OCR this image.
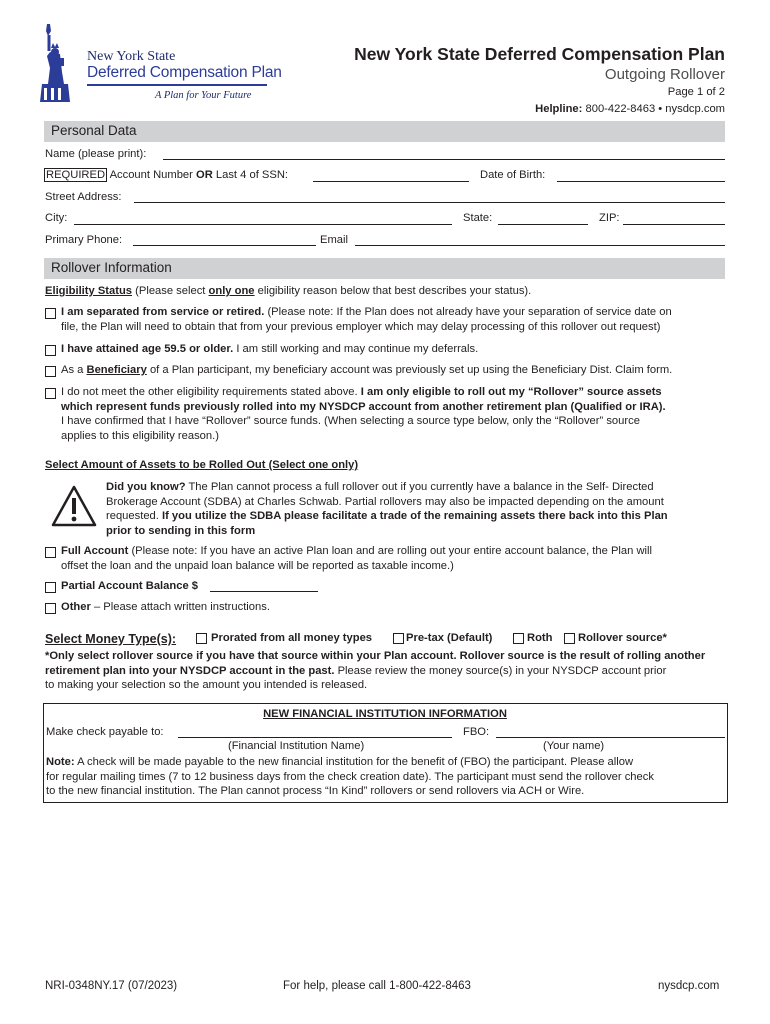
New York State
Deferred Compensation Plan
A Plan for Your Future
New York State Deferred Compensation Plan
Outgoing Rollover
Page 1 of 2
Helpline: 800-422-8463 • nysdcp.com
Personal Data
Name (please print):
REQUIRED Account Number OR Last 4 of SSN:	Date of Birth:
Street Address:
City:	State:	ZIP:
Primary Phone:	Email
Rollover Information
Eligibility Status (Please select only one eligibility reason below that best describes your status).
I am separated from service or retired. (Please note: If the Plan does not already have your separation of service date on
file, the Plan will need to obtain that from your previous employer which may delay processing of this rollover out request)
I have attained age 59.5 or older. I am still working and may continue my deferrals.
As a Beneficiary of a Plan participant, my beneficiary account was previously set up using the Beneficiary Dist. Claim form.
I do not meet the other eligibility requirements stated above. I am only eligible to roll out my “Rollover” source assets
which represent funds previously rolled into my NYSDCP account from another retirement plan (Qualified or IRA).
I have confirmed that I have “Rollover” source funds. (When selecting a source type below, only the “Rollover” source
applies to this eligibility reason.)
Select Amount of Assets to be Rolled Out (Select one only)
Did you know? The Plan cannot process a full rollover out if you currently have a balance in the Self- Directed
Brokerage Account (SDBA) at Charles Schwab. Partial rollovers may also be impacted depending on the amount
requested. If you utilize the SDBA please facilitate a trade of the remaining assets there back into this Plan
prior to sending in this form
Full Account (Please note: If you have an active Plan loan and are rolling out your entire account balance, the Plan will
offset the loan and the unpaid loan balance will be reported as taxable income.)
Partial Account Balance $
Other – Please attach written instructions.
Select Money Type(s):	Prorated from all money types	Pre-tax (Default)	Roth Rollover source*
*Only select rollover source if you have that source within your Plan account. Rollover source is the result of rolling another
retirement plan into your NYSDCP account in the past. Please review the money source(s) in your NYSDCP account prior
to making your selection so the amount you intended is released.
NEW FINANCIAL INSTITUTION INFORMATION
Make check payable to:	FBO:
(Financial Institution Name)	(Your name)
Note: A check will be made payable to the new financial institution for the benefit of (FBO) the participant. Please allow
for regular mailing times (7 to 12 business days from the check creation date). The participant must send the rollover check
to the new financial institution. The Plan cannot process “In Kind” rollovers or send rollovers via ACH or Wire.
NRI-0348NY.17 (07/2023)	For help, please call 1-800-422-8463	nysdcp.com
